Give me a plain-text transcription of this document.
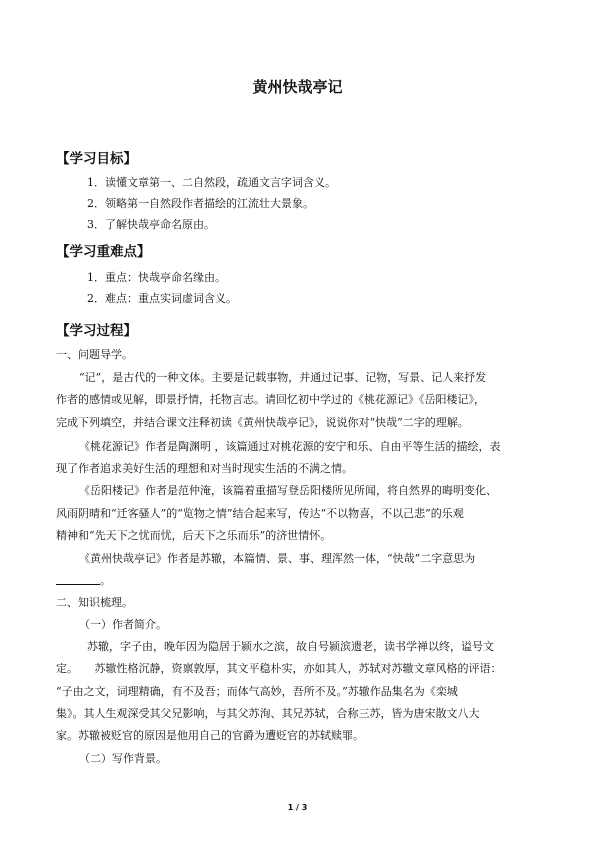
黄州快哉亭记
【学习目标】
1．读懂文章第一、二自然段，疏通文言字词含义。
2．领略第一自然段作者描绘的江流壮大景象。
3．了解快哉亭命名原由。
【学习重难点】
1．重点：快哉亭命名缘由。
2．难点：重点实词虚词含义。
【学习过程】
一、问题导学。
“记”，是古代的一种文体。主要是记载事物，并通过记事、记物，写景、记人来抒发
作者的感情或见解，即景抒情，托物言志。请回忆初中学过的《桃花源记》《岳阳楼记》，
完成下列填空，并结合课文注释初读《黄州快哉亭记》，说说你对“快哉”二字的理解。
《桃花源记》作者是陶渊明 ，该篇通过对桃花源的安宁和乐、自由平等生活的描绘，表
现了作者追求美好生活的理想和对当时现实生活的不满之情。
《岳阳楼记》作者是范仲淹，该篇着重描写登岳阳楼所见所闻，将自然界的晦明变化、
风雨阴晴和“迁客骚人”的“览物之情”结合起来写，传达“不以物喜，不以己悲”的乐观
精神和“先天下之忧而忧，后天下之乐而乐”的济世情怀。
《黄州快哉亭记》作者是苏辙，本篇情、景、事、理浑然一体，“快哉”二字意思为
。
二、知识梳理。
（一）作者简介。
苏辙，字子由，晚年因为隐居于颍水之滨，故自号颍滨遗老，读书学禅以终，谥号文
定。　　苏辙性格沉静，资禀敦厚，其文平稳朴实，亦如其人，苏轼对苏辙文章风格的评语：
“子由之文，词理精确，有不及吾；而体气高妙，吾所不及。”苏辙作品集名为《栾城
集》。其人生观深受其父兄影响，与其父苏洵、其兄苏轼，合称三苏，皆为唐宋散文八大
家。苏辙被贬官的原因是他用自己的官爵为遭贬官的苏轼赎罪。
（二）写作背景。
1 / 3
